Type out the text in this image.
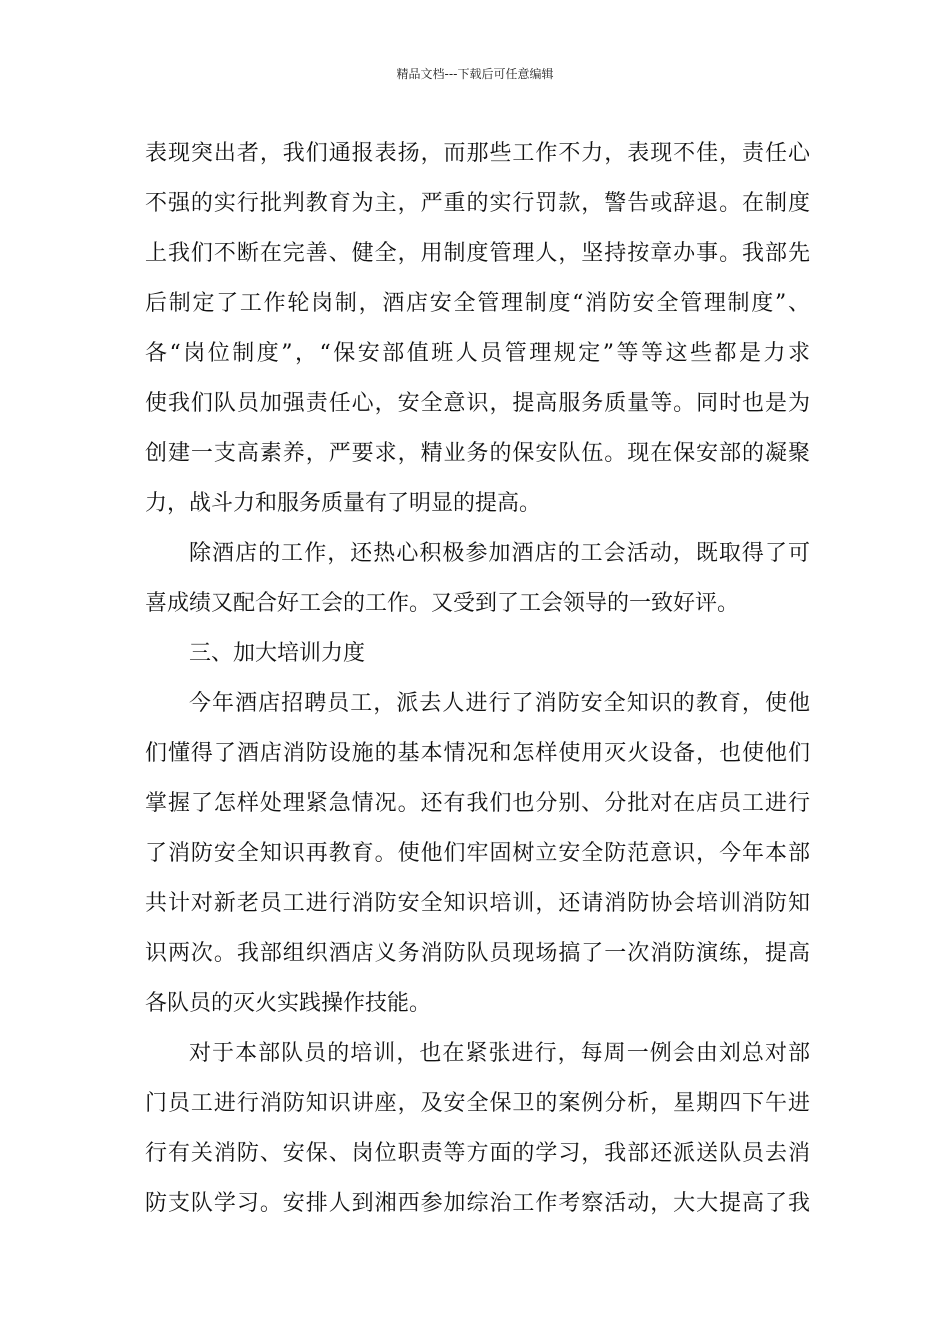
精品文档---下载后可任意编辑
表现突出者，我们通报表扬，而那些工作不力，表现不佳，责任心
不强的实行批判教育为主，严重的实行罚款，警告或辞退。在制度
上我们不断在完善、健全，用制度管理人，坚持按章办事。我部先
后制定了工作轮岗制，酒店安全管理制度“消防安全管理制度”、
各“岗位制度”，“保安部值班人员管理规定”等等这些都是力求
使我们队员加强责任心，安全意识，提高服务质量等。同时也是为
创建一支高素养，严要求，精业务的保安队伍。现在保安部的凝聚
力，战斗力和服务质量有了明显的提高。
除酒店的工作，还热心积极参加酒店的工会活动，既取得了可
喜成绩又配合好工会的工作。又受到了工会领导的一致好评。
三、加大培训力度
今年酒店招聘员工，派去人进行了消防安全知识的教育，使他
们懂得了酒店消防设施的基本情况和怎样使用灭火设备，也使他们
掌握了怎样处理紧急情况。还有我们也分别、分批对在店员工进行
了消防安全知识再教育。使他们牢固树立安全防范意识，今年本部
共计对新老员工进行消防安全知识培训，还请消防协会培训消防知
识两次。我部组织酒店义务消防队员现场搞了一次消防演练，提高
各队员的灭火实践操作技能。
对于本部队员的培训，也在紧张进行，每周一例会由刘总对部
门员工进行消防知识讲座，及安全保卫的案例分析，星期四下午进
行有关消防、安保、岗位职责等方面的学习，我部还派送队员去消
防支队学习。安排人到湘西参加综治工作考察活动，大大提高了我
